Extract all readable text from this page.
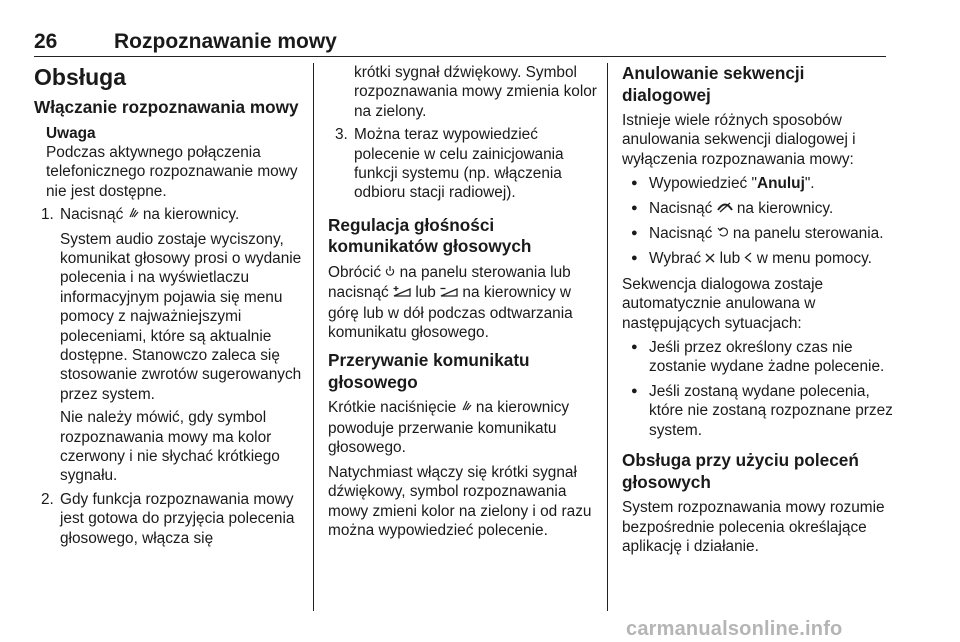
26	Rozpoznawanie mowy
Obsługa
Włączanie rozpoznawania mowy
Uwaga
Podczas aktywnego połączenia telefonicznego rozpoznawanie mowy nie jest dostępne.
1. Nacisnąć na kierownicy.
System audio zostaje wyciszony, komunikat głosowy prosi o wydanie polecenia i na wyświetlaczu informacyjnym pojawia się menu pomocy z najważniejszymi poleceniami, które są aktualnie dostępne. Stanowczo zaleca się stosowanie zwrotów sugerowanych przez system.
Nie należy mówić, gdy symbol rozpoznawania mowy ma kolor czerwony i nie słychać krótkiego sygnału.
2. Gdy funkcja rozpoznawania mowy jest gotowa do przyjęcia polecenia głosowego, włącza się
krótki sygnał dźwiękowy. Symbol rozpoznawania mowy zmienia kolor na zielony.
3. Można teraz wypowiedzieć polecenie w celu zainicjowania funkcji systemu (np. włączenia odbioru stacji radiowej).
Regulacja głośności komunikatów głosowych

Obrócić na panelu sterowania lub nacisnąć lub na kierownicy w górę lub w dół podczas odtwarzania komunikatu głosowego.

Przerywanie komunikatu głosowego

Krótkie naciśnięcie na kierownicy powoduje przerwanie komunikatu głosowego.

Natychmiast włączy się krótki sygnał dźwiękowy, symbol rozpoznawania mowy zmieni kolor na zielony i od razu można wypowiedzieć polecenie.

Anulowanie sekwencji dialogowej

Istnieje wiele różnych sposobów anulowania sekwencji dialogowej i wyłączenia rozpoznawania mowy:

● Wypowiedzieć "Anuluj".
● Nacisnąć na kierownicy.
● Nacisnąć na panelu sterowania.
● Wybrać lub w menu pomocy.

Sekwencja dialogowa zostaje automatycznie anulowana w następujących sytuacjach:

● Jeśli przez określony czas nie zostanie wydane żadne polecenie.
● Jeśli zostaną wydane polecenia, które nie zostaną rozpoznane przez system.
Obsługa przy użyciu poleceń głosowych

System rozpoznawania mowy rozumie bezpośrednie polecenia określające aplikację i działanie.

carmanualsonline.info
